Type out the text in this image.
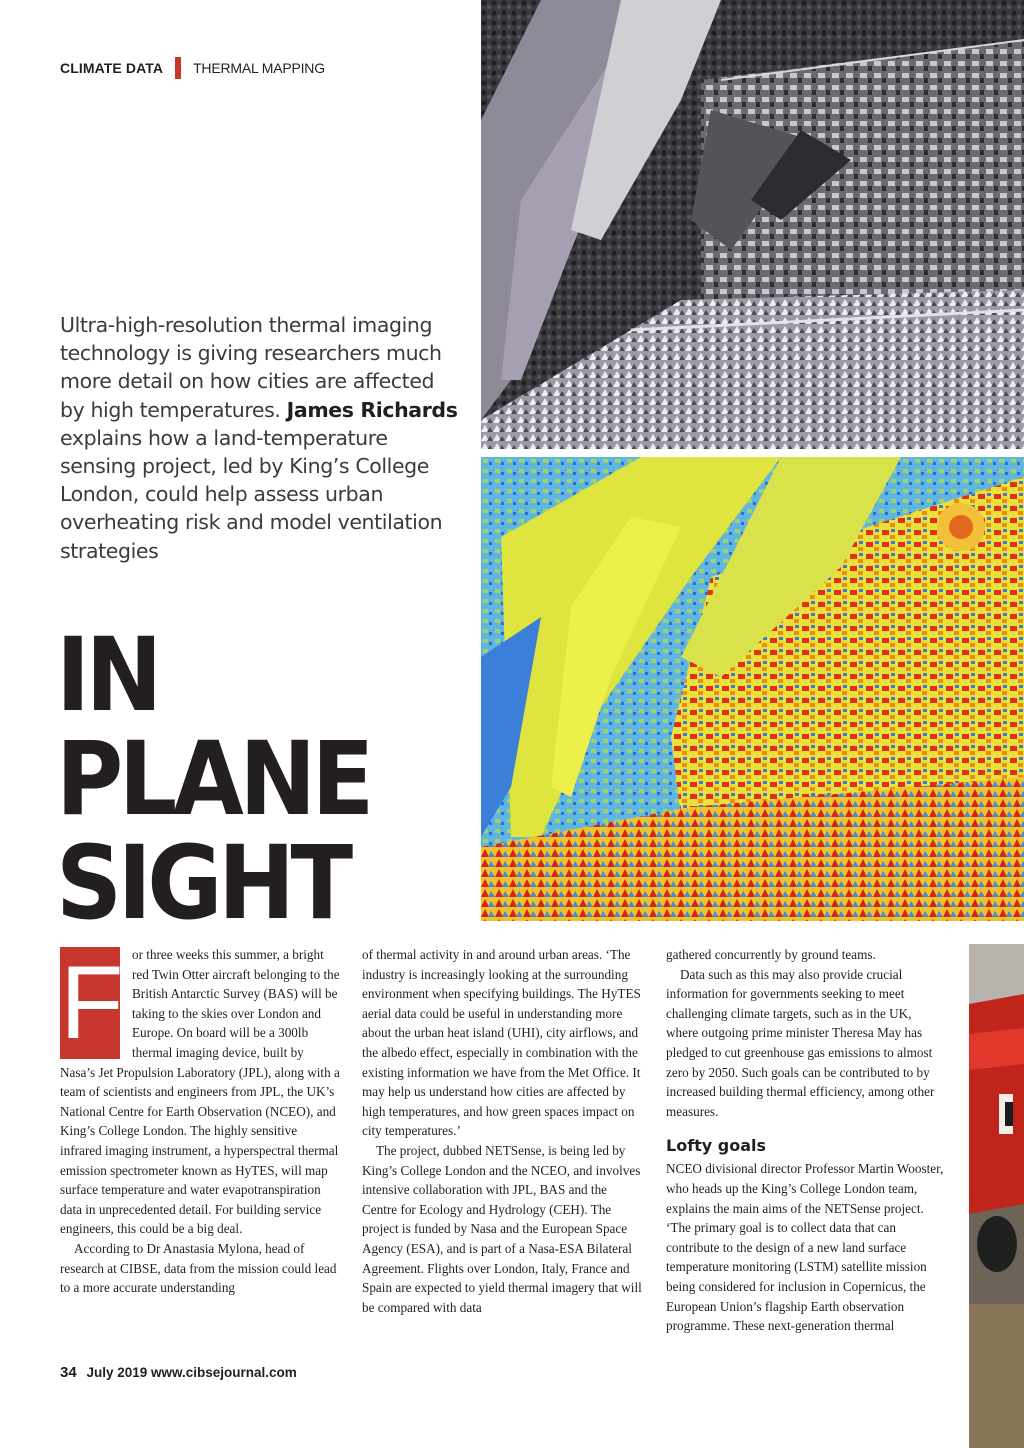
CLIMATE DATA THERMAL MAPPING
Ultra-high-resolution thermal imaging technology is giving researchers much more detail on how cities are affected by high temperatures. James Richards explains how a land-temperature sensing project, led by King’s College London, could help assess urban overheating risk and model ventilation strategies
IN
PLANE
SIGHT

F or three weeks this summer, a bright red Twin Otter aircraft belonging to the British Antarctic Survey (BAS) will be taking to the skies over London and Europe. On board will be a 300lb thermal imaging device, built by Nasa’s Jet Propulsion Laboratory (JPL), along with a team of scientists and engineers from JPL, the UK’s National Centre for Earth Observation (NCEO), and King’s College London. The highly sensitive infrared imaging instrument, a hyperspectral thermal emission spectrometer known as HyTES, will map surface temperature and water evapotranspiration data in unprecedented detail. For building service engineers, this could be a big deal.

According to Dr Anastasia Mylona, head of research at CIBSE, data from the mission could lead to a more accurate understanding

of thermal activity in and around urban areas. ‘The industry is increasingly looking at the surrounding environment when specifying buildings. The HyTES aerial data could be useful in understanding more about the urban heat island (UHI), city airflows, and the albedo effect, especially in combination with the existing information we have from the Met Office. It may help us understand how cities are affected by high temperatures, and how green spaces impact on city temperatures.’

The project, dubbed NETSense, is being led by King’s College London and the NCEO, and involves intensive collaboration with JPL, BAS and the Centre for Ecology and Hydrology (CEH). The project is funded by Nasa and the European Space Agency (ESA), and is part of a Nasa-ESA Bilateral Agreement. Flights over London, Italy, France and Spain are expected to yield thermal imagery that will be compared with data

gathered concurrently by ground teams.

Data such as this may also provide crucial information for governments seeking to meet challenging climate targets, such as in the UK, where outgoing prime minister Theresa May has pledged to cut greenhouse gas emissions to almost zero by 2050. Such goals can be contributed to by increased building thermal efficiency, among other measures.

Lofty goals

NCEO divisional director Professor Martin Wooster, who heads up the King’s College London team, explains the main aims of the NETSense project. ‘The primary goal is to collect data that can contribute to the design of a new land surface temperature monitoring (LSTM) satellite mission being considered for inclusion in Copernicus, the European Union’s flagship Earth observation programme. These next-generation thermal

34 July 2019 www.cibsejournal.com
